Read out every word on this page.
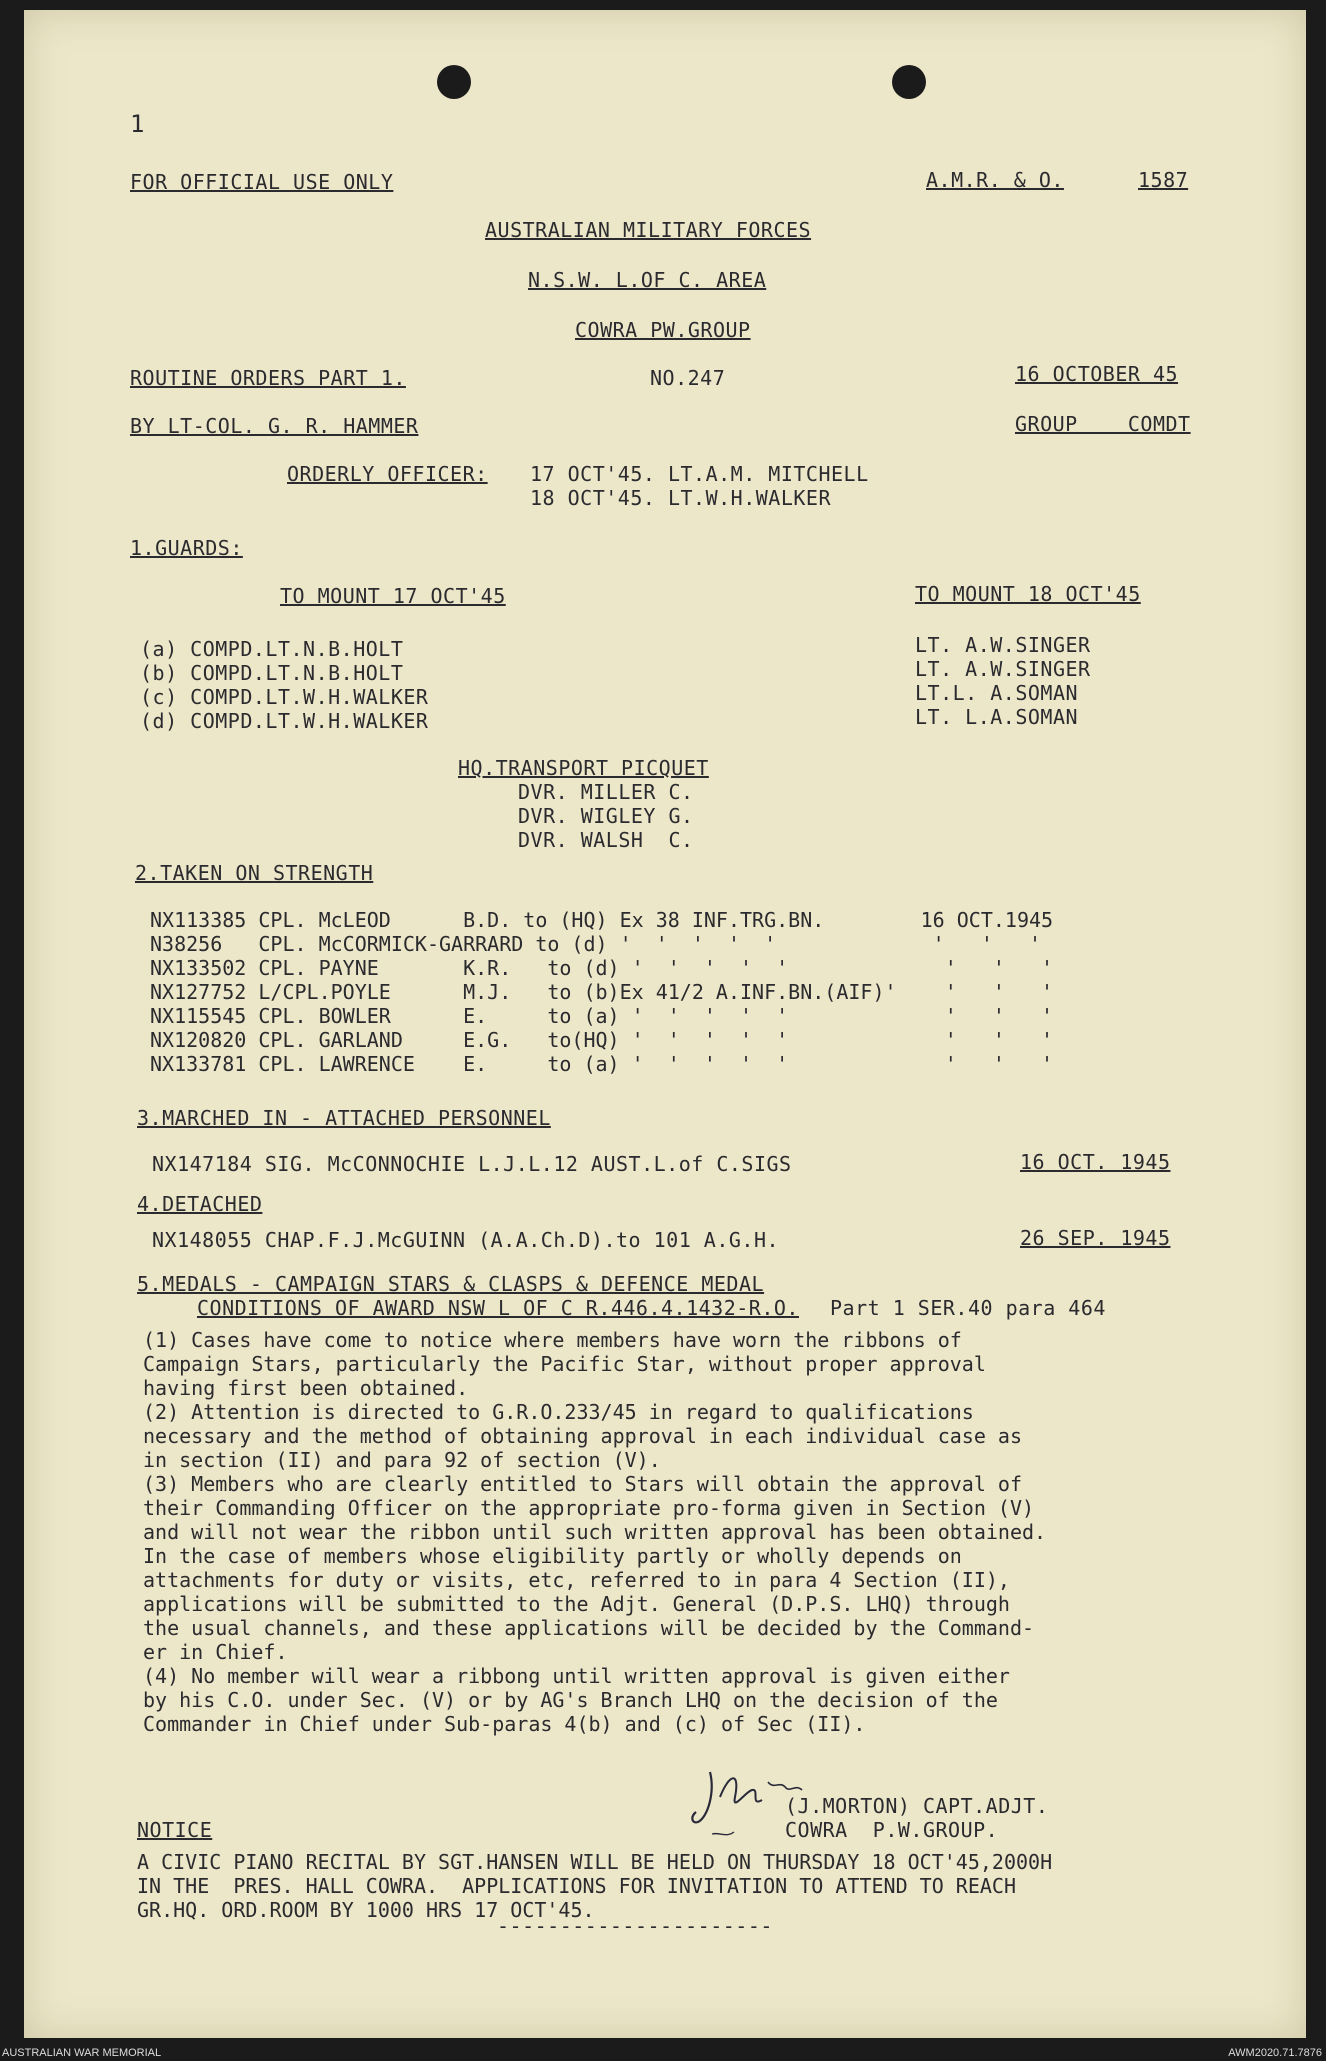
1
FOR OFFICIAL USE ONLY	A.M.R. & O.	1587
AUSTRALIAN MILITARY FORCES
N.S.W. L.OF C. AREA
COWRA PW.GROUP
ROUTINE ORDERS PART 1.	NO.247	16 OCTOBER 45
BY LT-COL. G. R. HAMMER	GROUP    COMDT
ORDERLY OFFICER: 17 OCT'45. LT.A.M. MITCHELL
18 OCT'45. LT.W.H.WALKER
1.GUARDS:
TO MOUNT 17 OCT'45	TO MOUNT 18 OCT'45
(a) COMPD.LT.N.B.HOLT	LT. A.W.SINGER
(b) COMPD.LT.N.B.HOLT	LT. A.W.SINGER
(c) COMPD.LT.W.H.WALKER	LT.L. A.SOMAN
(d) COMPD.LT.W.H.WALKER	LT. L.A.SOMAN
HQ.TRANSPORT PICQUET
DVR. MILLER C.
DVR. WIGLEY G.
DVR. WALSH  C.
2.TAKEN ON STRENGTH
NX113385 CPL. McLEOD      B.D. to (HQ) Ex 38 INF.TRG.BN.        16 OCT.1945
N38256   CPL. McCORMICK-GARRARD to (d) '  '  '  '  '             '   '   '
NX133502 CPL. PAYNE       K.R.   to (d) '  '  '  '  '             '   '   '
NX127752 L/CPL.POYLE      M.J.   to (b)Ex 41/2 A.INF.BN.(AIF)'    '   '   '
NX115545 CPL. BOWLER      E.     to (a) '  '  '  '  '             '   '   '
NX120820 CPL. GARLAND     E.G.   to(HQ) '  '  '  '  '             '   '   '
NX133781 CPL. LAWRENCE    E.     to (a) '  '  '  '  '             '   '   '
3.MARCHED IN - ATTACHED PERSONNEL
NX147184 SIG. McCONNOCHIE L.J.L.12 AUST.L.of C.SIGS	16 OCT. 1945
4.DETACHED
NX148055 CHAP.F.J.McGUINN (A.A.Ch.D).to 101 A.G.H.	26 SEP. 1945
5.MEDALS - CAMPAIGN STARS & CLASPS & DEFENCE MEDAL
CONDITIONS OF AWARD NSW L OF C R.446.4.1432-R.O. Part 1 SER.40 para 464
(1) Cases have come to notice where members have worn the ribbons of
Campaign Stars, particularly the Pacific Star, without proper approval
having first been obtained.
(2) Attention is directed to G.R.O.233/45 in regard to qualifications
necessary and the method of obtaining approval in each individual case as
in section (II) and para 92 of section (V).
(3) Members who are clearly entitled to Stars will obtain the approval of
their Commanding Officer on the appropriate pro-forma given in Section (V)
and will not wear the ribbon until such written approval has been obtained.
In the case of members whose eligibility partly or wholly depends on
attachments for duty or visits, etc, referred to in para 4 Section (II),
applications will be submitted to the Adjt. General (D.P.S. LHQ) through
the usual channels, and these applications will be decided by the Command-
er in Chief.
(4) No member will wear a ribbong until written approval is given either
by his C.O. under Sec. (V) or by AG's Branch LHQ on the decision of the
Commander in Chief under Sub-paras 4(b) and (c) of Sec (II).
(J.MORTON) CAPT.ADJT.
COWRA  P.W.GROUP.
NOTICE
A CIVIC PIANO RECITAL BY SGT.HANSEN WILL BE HELD ON THURSDAY 18 OCT'45,2000H
IN THE  PRES. HALL COWRA.  APPLICATIONS FOR INVITATION TO ATTEND TO REACH
GR.HQ. ORD.ROOM BY 1000 HRS 17 OCT'45.
----------------------
AUSTRALIAN WAR MEMORIAL	AWM2020.71.7876
